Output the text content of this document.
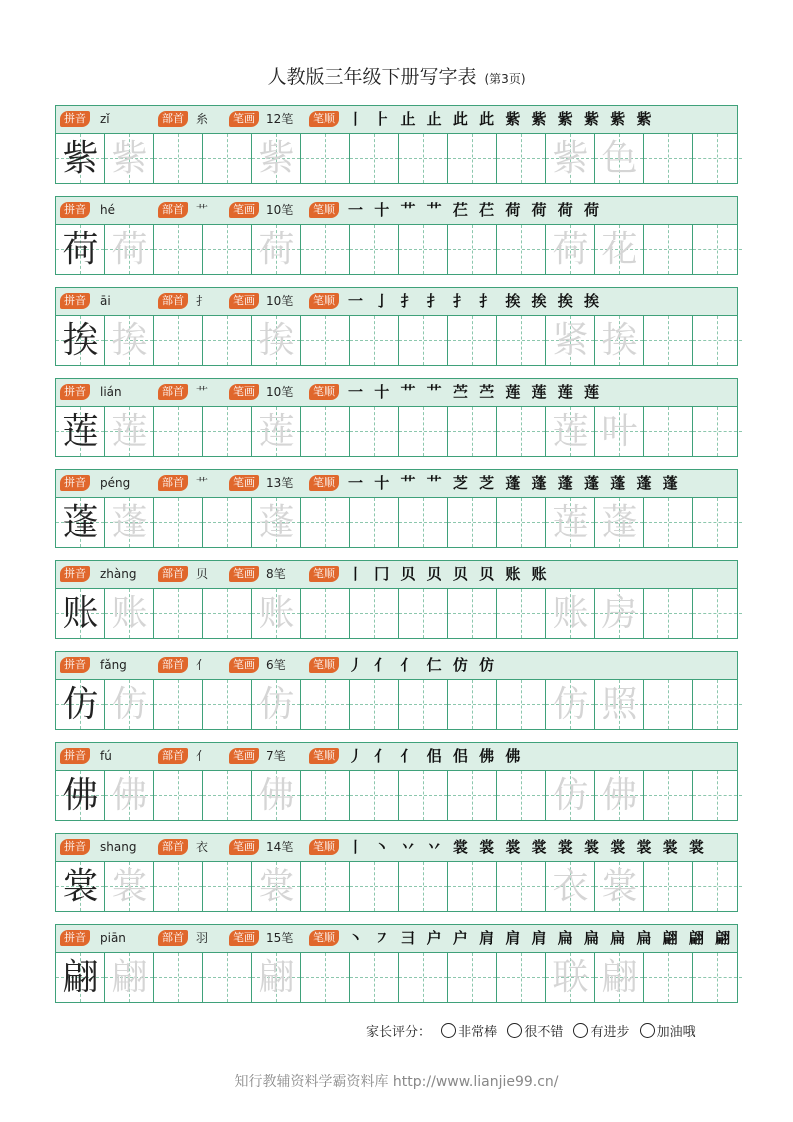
人教版三年级下册写字表 (第3页)
拼音	zǐ	部首	糸	笔画 12笔	笔顺 丨 ⺊ 止 止 此 此 紫 紫 紫 紫 紫 紫
紫 紫	紫	紫 色
拼音	hé	部首	艹	笔画 10笔	笔顺 一 十 艹 艹 芢 芢 荷 荷 荷 荷
荷 荷	荷	荷 花
拼音	āi	部首	扌	笔画 10笔	笔顺 一 亅 扌 扌 扌 扌 挨 挨 挨 挨
挨 挨	挨	紧 挨
拼音	lián	部首	艹	笔画 10笔	笔顺 一 十 艹 艹 苎 苎 莲 莲 莲 莲
莲 莲	莲	莲 叶
拼音	péng	部首	艹	笔画 13笔	笔顺 一 十 艹 艹 芝 芝 蓬 蓬 蓬 蓬 蓬 蓬 蓬
蓬 蓬	蓬	莲 蓬
拼音	zhàng	部首	贝	笔画 8笔	笔顺 丨 冂 贝 贝 贝 贝 账 账
账 账	账	账 房
拼音	fǎng	部首	亻	笔画 6笔	笔顺 丿 亻 亻 仁 仿 仿
仿 仿	仿	仿 照
拼音	fú	部首	亻	笔画 7笔	笔顺 丿 亻 亻 佀 佀 佛 佛
佛 佛	佛	仿 佛
拼音	shang	部首	衣	笔画 14笔	笔顺 丨 丶 丷 丷 裳 裳 裳 裳 裳 裳 裳 裳 裳 裳
裳 裳	裳	衣 裳
拼音	piān	部首	羽	笔画 15笔	笔顺 丶 ㇇ 彐 户 户 肩 肩 肩 扁 扁 扁 扁 翩 翩 翩
翩 翩	翩	联 翩
家长评分： 非常棒 很不错 有进步 加油哦
知行教辅资料学霸资料库 http://www.lianjie99.cn/
